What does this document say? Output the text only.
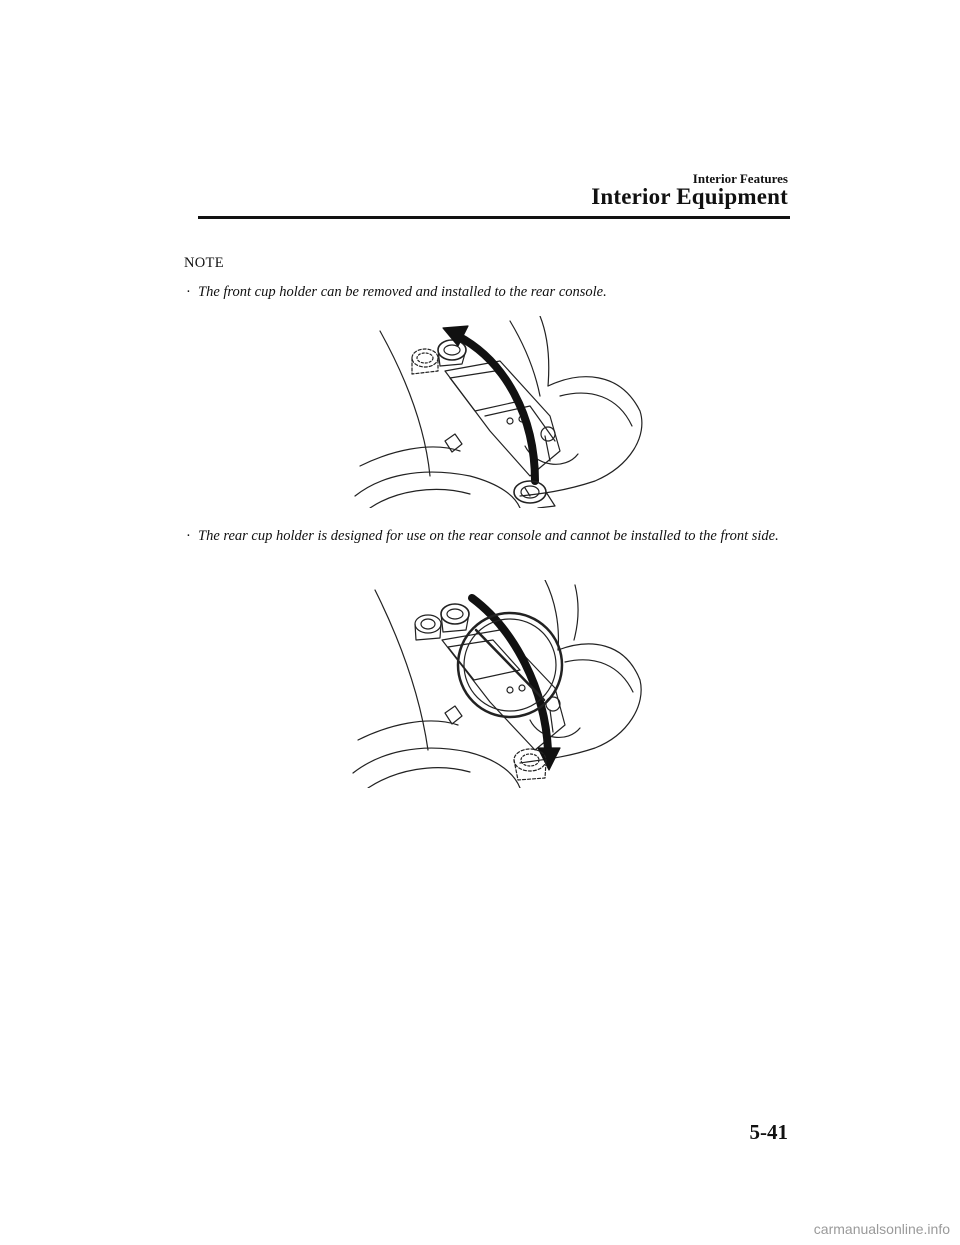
Interior Features
Interior Equipment
NOTE
· The front cup holder can be removed and installed to the rear console.
· The rear cup holder is designed for use on the rear console and cannot be installed to the front side.
5-41
carmanualsonline.info
